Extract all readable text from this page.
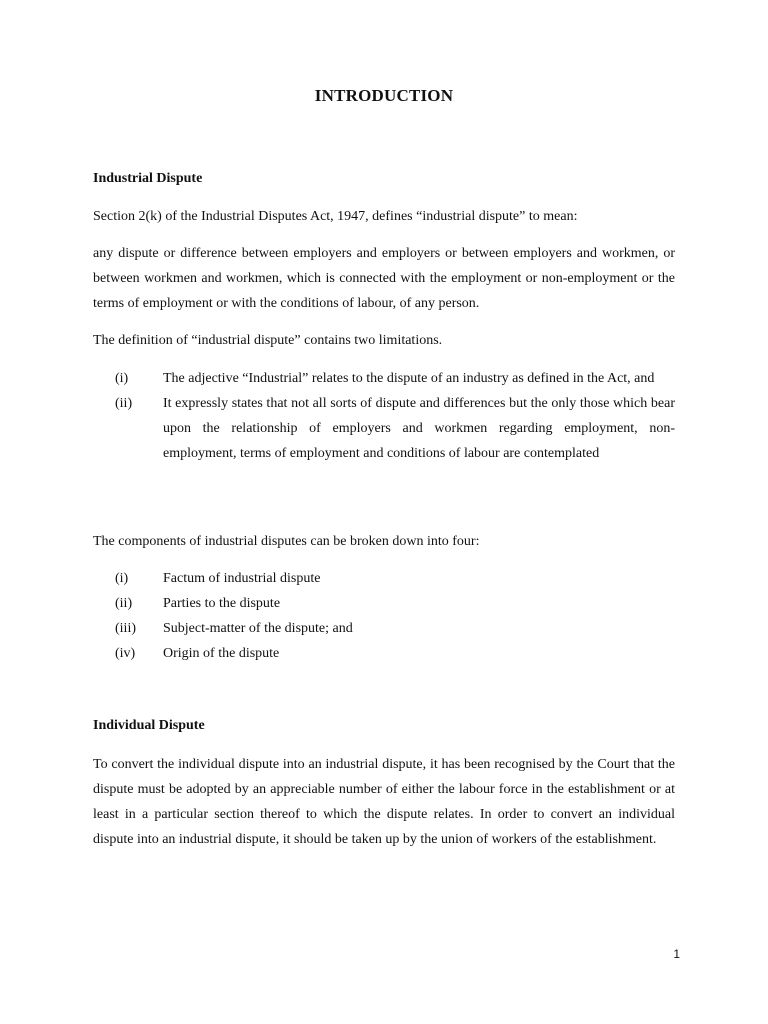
INTRODUCTION
Industrial Dispute

Section 2(k) of the Industrial Disputes Act, 1947, defines “industrial dispute” to mean:

any dispute or difference between employers and employers or between employers and workmen, or between workmen and workmen, which is connected with the employment or non-employment or the terms of employment or with the conditions of labour, of any person.

The definition of “industrial dispute” contains two limitations.

(i)	The adjective “Industrial” relates to the dispute of an industry as defined in the Act, and
(ii)	It expressly states that not all sorts of dispute and differences but the only those which bear upon the relationship of employers and workmen regarding employment, non-employment, terms of employment and conditions of labour are contemplated

The components of industrial disputes can be broken down into four:

(i)	Factum of industrial dispute
(ii)	Parties to the dispute
(iii)	Subject-matter of the dispute; and
(iv)	Origin of the dispute
Individual Dispute

To convert the individual dispute into an industrial dispute, it has been recognised by the Court that the dispute must be adopted by an appreciable number of either the labour force in the establishment or at least in a particular section thereof to which the dispute relates. In order to convert an individual dispute into an industrial dispute, it should be taken up by the union of workers of the establishment.

1
